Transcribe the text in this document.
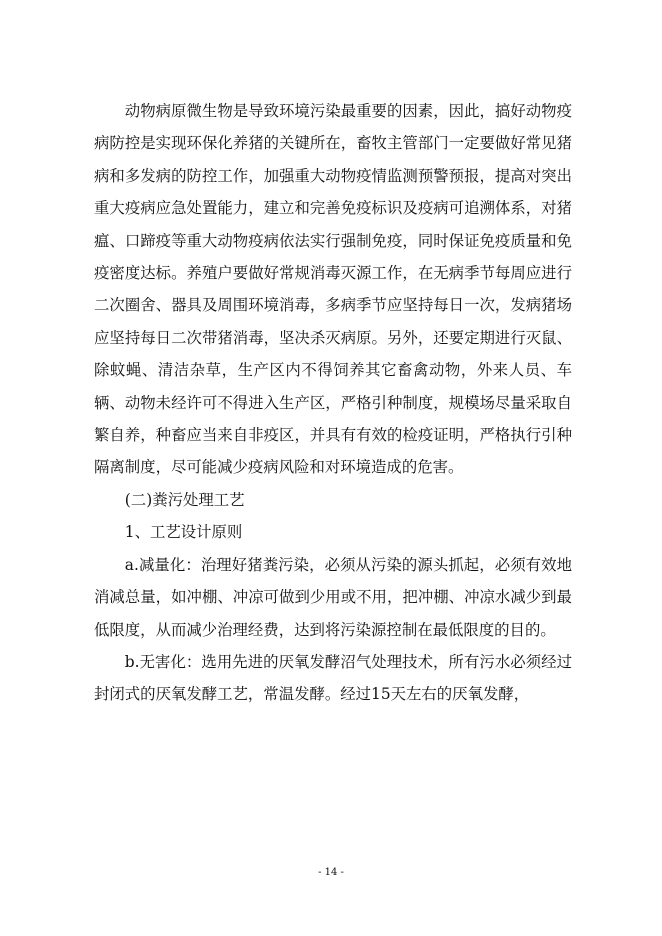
动物病原微生物是导致环境污染最重要的因素，因此，搞好动物疫病防控是实现环保化养猪的关键所在，畜牧主管部门一定要做好常见猪病和多发病的防控工作，加强重大动物疫情监测预警预报，提高对突出重大疫病应急处置能力，建立和完善免疫标识及疫病可追溯体系，对猪瘟、口蹄疫等重大动物疫病依法实行强制免疫，同时保证免疫质量和免疫密度达标。养殖户要做好常规消毒灭源工作，在无病季节每周应进行二次圈舍、器具及周围环境消毒，多病季节应坚持每日一次，发病猪场应坚持每日二次带猪消毒，坚决杀灭病原。另外，还要定期进行灭鼠、除蚊蝇、清洁杂草，生产区内不得饲养其它畜禽动物，外来人员、车辆、动物未经许可不得进入生产区，严格引种制度，规模场尽量采取自繁自养，种畜应当来自非疫区，并具有有效的检疫证明，严格执行引种隔离制度，尽可能减少疫病风险和对环境造成的危害。

(二)粪污处理工艺

1、工艺设计原则

a.减量化：治理好猪粪污染，必须从污染的源头抓起，必须有效地消减总量，如冲棚、冲凉可做到少用或不用，把冲棚、冲凉水减少到最低限度，从而减少治理经费，达到将污染源控制在最低限度的目的。

b.无害化：选用先进的厌氧发酵沼气处理技术，所有污水必须经过封闭式的厌氧发酵工艺，常温发酵。经过15天左右的厌氧发酵，

- 14 -
